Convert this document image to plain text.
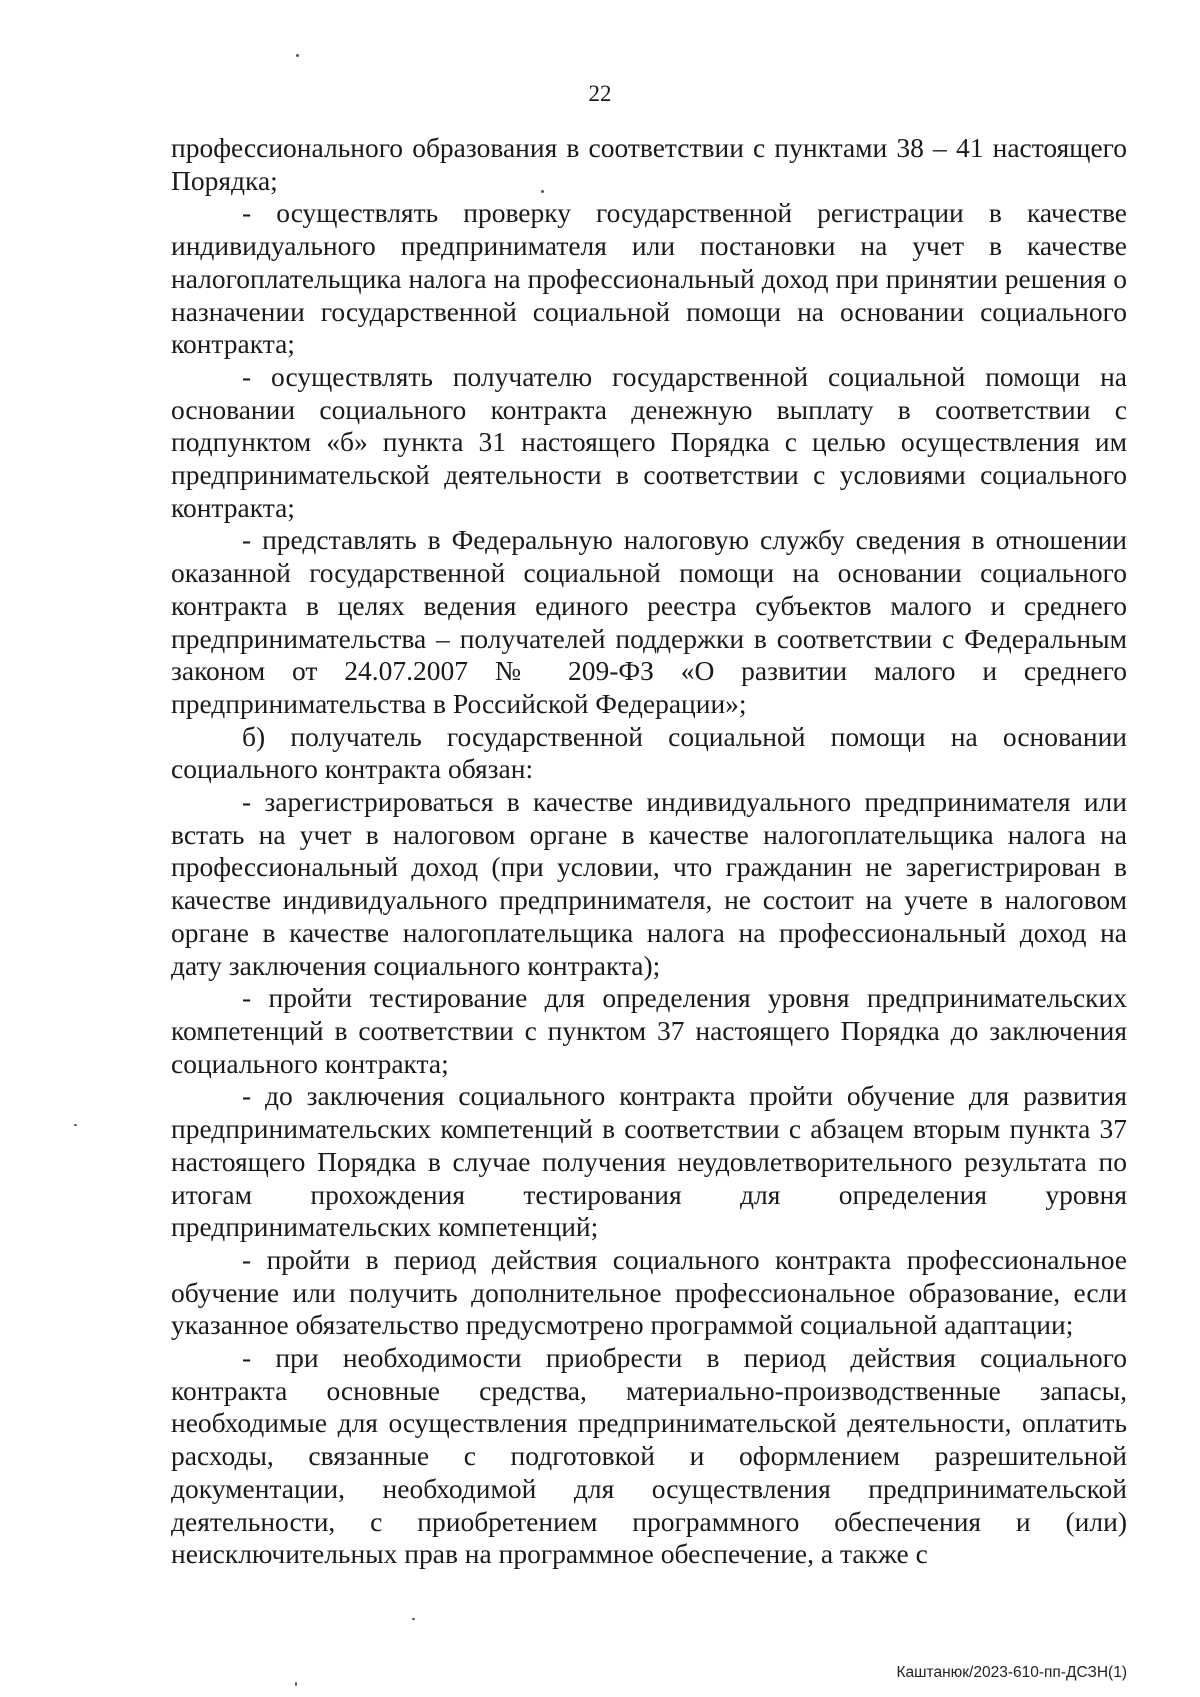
22

профессионального образования в соответствии с пунктами 38 – 41 настоящего Порядка;

- осуществлять проверку государственной регистрации в качестве индивидуального предпринимателя или постановки на учет в качестве налогоплательщика налога на профессиональный доход при принятии решения о назначении государственной социальной помощи на основании социального контракта;

- осуществлять получателю государственной социальной помощи на основании социального контракта денежную выплату в соответствии с подпунктом «б» пункта 31 настоящего Порядка с целью осуществления им предпринимательской деятельности в соответствии с условиями социального контракта;

- представлять в Федеральную налоговую службу сведения в отношении оказанной государственной социальной помощи на основании социального контракта в целях ведения единого реестра субъектов малого и среднего предпринимательства – получателей поддержки в соответствии с Федеральным законом от 24.07.2007 № 209-ФЗ «О развитии малого и среднего предпринимательства в Российской Федерации»;

б) получатель государственной социальной помощи на основании социального контракта обязан:

- зарегистрироваться в качестве индивидуального предпринимателя или встать на учет в налоговом органе в качестве налогоплательщика налога на профессиональный доход (при условии, что гражданин не зарегистрирован в качестве индивидуального предпринимателя, не состоит на учете в налоговом органе в качестве налогоплательщика налога на профессиональный доход на дату заключения социального контракта);

- пройти тестирование для определения уровня предпринимательских компетенций в соответствии с пунктом 37 настоящего Порядка до заключения социального контракта;

- до заключения социального контракта пройти обучение для развития предпринимательских компетенций в соответствии с абзацем вторым пункта 37 настоящего Порядка в случае получения неудовлетворительного результата по итогам прохождения тестирования для определения уровня предпринимательских компетенций;

- пройти в период действия социального контракта профессиональное обучение или получить дополнительное профессиональное образование, если указанное обязательство предусмотрено программой социальной адаптации;

- при необходимости приобрести в период действия социального контракта основные средства, материально-производственные запасы, необходимые для осуществления предпринимательской деятельности, оплатить расходы, связанные с подготовкой и оформлением разрешительной документации, необходимой для осуществления предпринимательской деятельности, с приобретением программного обеспечения и (или) неисключительных прав на программное обеспечение, а также с

Каштанюк/2023-610-пп-ДСЗН(1)
